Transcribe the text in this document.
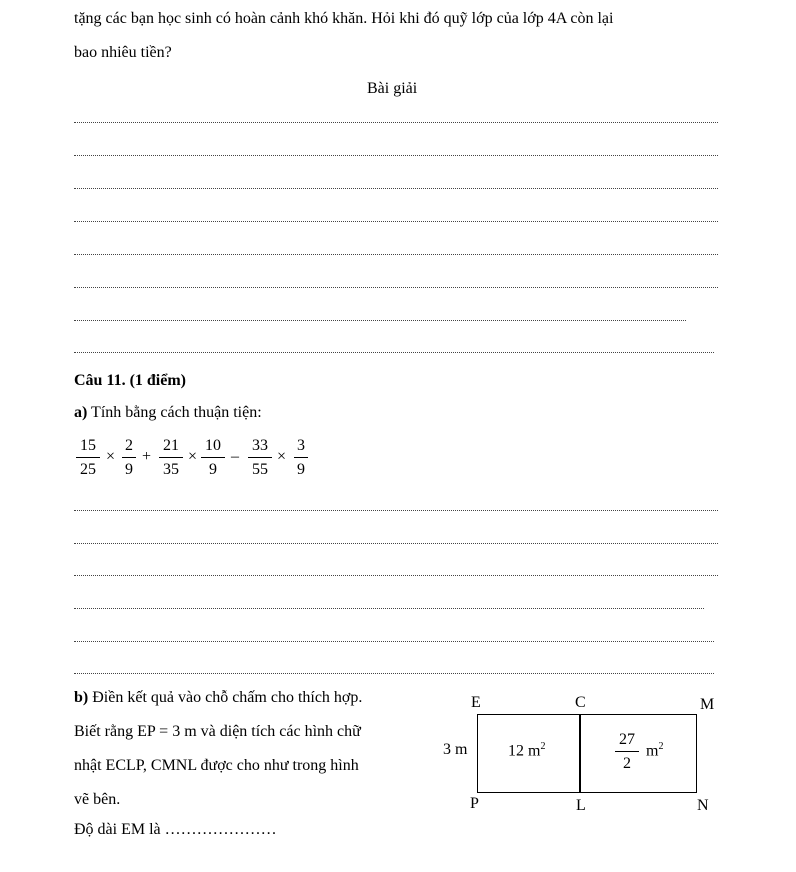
tặng các bạn học sinh có hoàn cảnh khó khăn. Hỏi khi đó quỹ lớp của lớp 4A còn lại
bao nhiêu tiền?
Bài giải
Câu 11. (1 điểm)
a) Tính bằng cách thuận tiện:
15
25
×
2
9
+
21
35
×
10
9
–
33
55
×
3
9
b) Điền kết quả vào chỗ chấm cho thích hợp.
Biết rằng EP = 3 m và diện tích các hình chữ
nhật ECLP, CMNL được cho như trong hình
vẽ bên.
Độ dài EM là …………………
E	C	M
P	L	N
3 m	12 $m^2$	27
2
$m^2$
